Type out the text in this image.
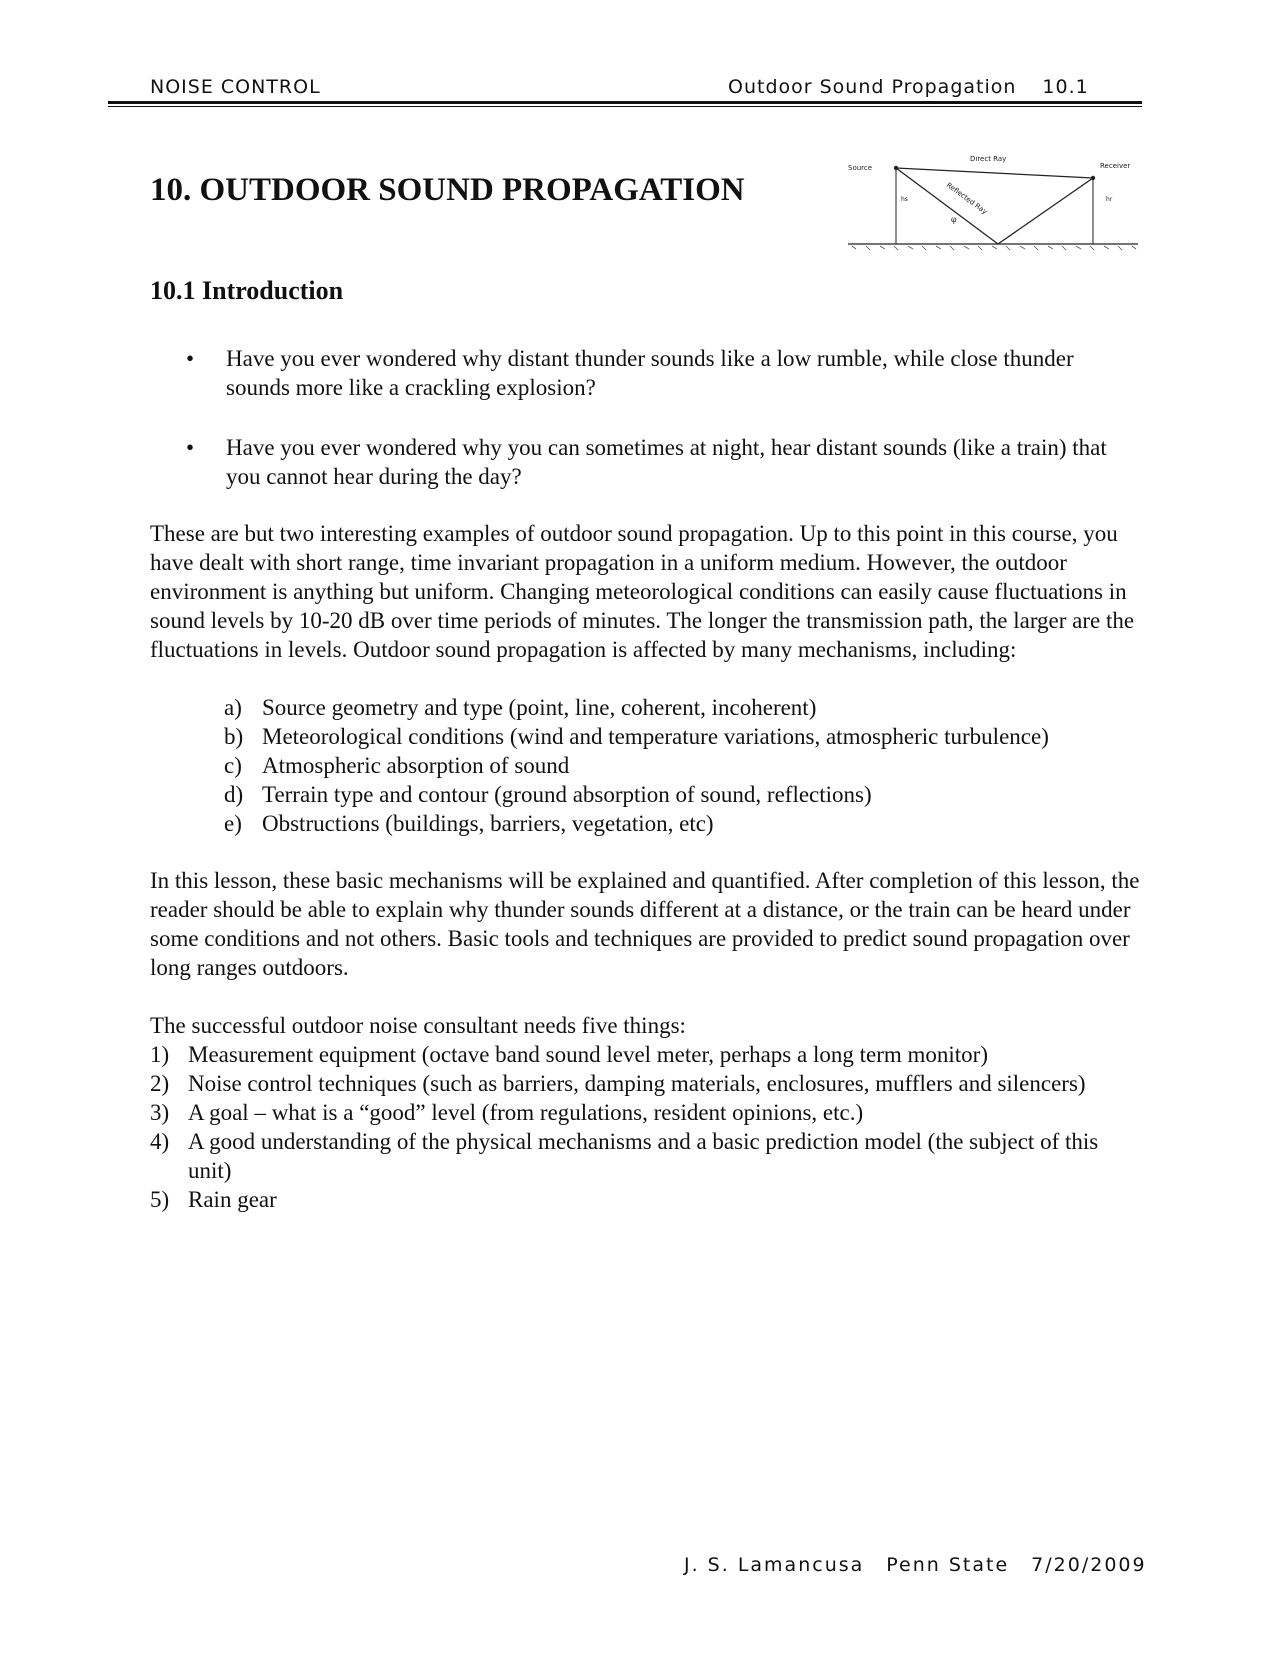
NOISE CONTROL	Outdoor Sound Propagation 10.1
10. OUTDOOR SOUND PROPAGATION
Source	Receiver
Direct Ray
Reflected Ray
hs	hr
φ
10.1 Introduction
• Have you ever wondered why distant thunder sounds like a low rumble, while close thunder sounds more like a crackling explosion?
• Have you ever wondered why you can sometimes at night, hear distant sounds (like a train) that you cannot hear during the day?

These are but two interesting examples of outdoor sound propagation. Up to this point in this course, you have dealt with short range, time invariant propagation in a uniform medium. However, the outdoor environment is anything but uniform. Changing meteorological conditions can easily cause fluctuations in sound levels by 10-20 dB over time periods of minutes. The longer the transmission path, the larger are the fluctuations in levels. Outdoor sound propagation is affected by many mechanisms, including:

a) Source geometry and type (point, line, coherent, incoherent)
b) Meteorological conditions (wind and temperature variations, atmospheric turbulence)
c) Atmospheric absorption of sound
d) Terrain type and contour (ground absorption of sound, reflections)
e) Obstructions (buildings, barriers, vegetation, etc)

In this lesson, these basic mechanisms will be explained and quantified. After completion of this lesson, the reader should be able to explain why thunder sounds different at a distance, or the train can be heard under some conditions and not others. Basic tools and techniques are provided to predict sound propagation over long ranges outdoors.

The successful outdoor noise consultant needs five things:

1) Measurement equipment (octave band sound level meter, perhaps a long term monitor)
2) Noise control techniques (such as barriers, damping materials, enclosures, mufflers and silencers)
3) A goal – what is a “good” level (from regulations, resident opinions, etc.)
4) A good understanding of the physical mechanisms and a basic prediction model (the subject of this unit)
5) Rain gear
J. S. Lamancusa Penn State 7/20/2009
